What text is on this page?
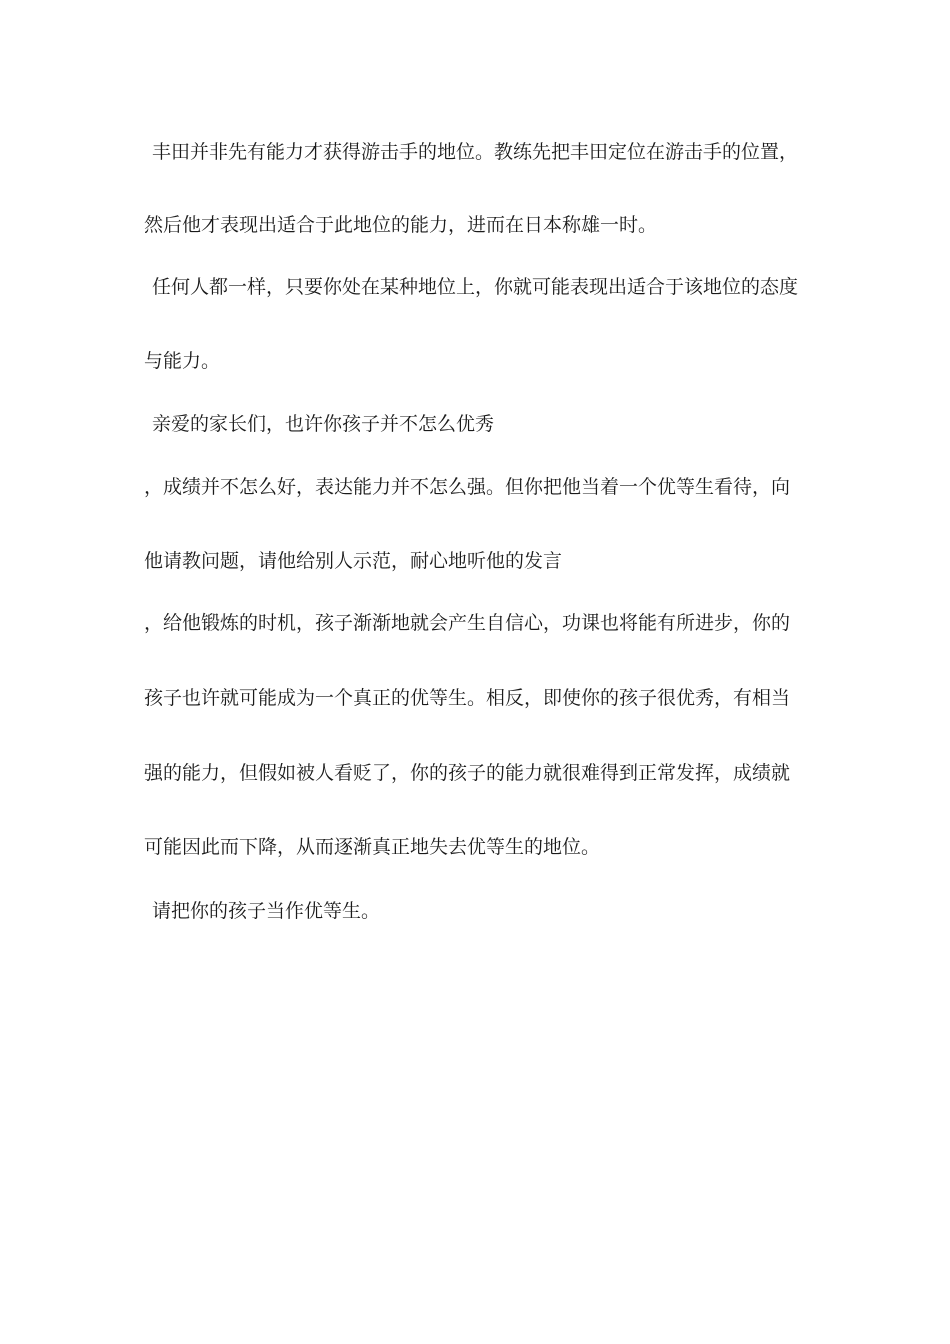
丰田并非先有能力才获得游击手的地位。教练先把丰田定位在游击手的位置，
然后他才表现出适合于此地位的能力，进而在日本称雄一时。
任何人都一样，只要你处在某种地位上，你就可能表现出适合于该地位的态度
与能力。
亲爱的家长们，也许你孩子并不怎么优秀
，成绩并不怎么好，表达能力并不怎么强。但你把他当着一个优等生看待，向
他请教问题，请他给别人示范，耐心地听他的发言
，给他锻炼的时机，孩子渐渐地就会产生自信心，功课也将能有所进步，你的
孩子也许就可能成为一个真正的优等生。相反，即使你的孩子很优秀，有相当
强的能力，但假如被人看贬了，你的孩子的能力就很难得到正常发挥，成绩就
可能因此而下降，从而逐渐真正地失去优等生的地位。
请把你的孩子当作优等生。
